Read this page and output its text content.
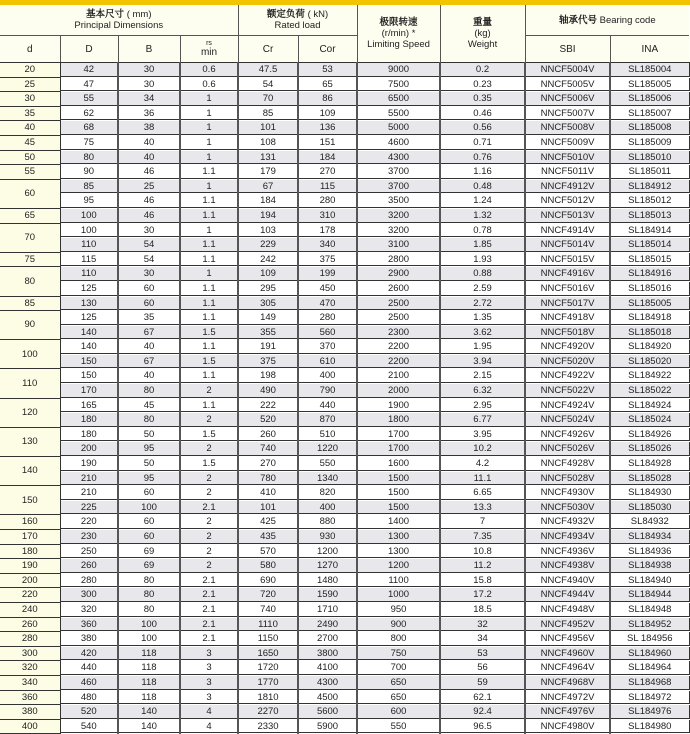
基本尺寸 ( mm)
Principal Dimensions				额定负荷 ( kN)
Rated load		极限转速
(r/min) *
Limiting Speed	重量
(kg)
Weight	轴承代号 Bearing code	
d	D	B	rs
min	Cr	Cor			SBI	INA
20	42	30	0.6	47.5	53	9000	0.2	NNCF5004V	SL185004
25	47	30	0.6	54	65	7500	0.23	NNCF5005V	SL185005
30	55	34	1	70	86	6500	0.35	NNCF5006V	SL185006
35	62	36	1	85	109	5500	0.46	NNCF5007V	SL185007
40	68	38	1	101	136	5000	0.56	NNCF5008V	SL185008
45	75	40	1	108	151	4600	0.71	NNCF5009V	SL185009
50	80	40	1	131	184	4300	0.76	NNCF5010V	SL185010
55	90	46	1.1	179	270	3700	1.16	NNCF5011V	SL185011
60	85	25	1	67	115	3700	0.48	NNCF4912V	SL184912
	95	46	1.1	184	280	3500	1.24	NNCF5012V	SL185012
65	100	46	1.1	194	310	3200	1.32	NNCF5013V	SL185013
70	100	30	1	103	178	3200	0.78	NNCF4914V	SL184914
	110	54	1.1	229	340	3100	1.85	NNCF5014V	SL185014
75	115	54	1.1	242	375	2800	1.93	NNCF5015V	SL185015
80	110	30	1	109	199	2900	0.88	NNCF4916V	SL184916
	125	60	1.1	295	450	2600	2.59	NNCF5016V	SL185016
85	130	60	1.1	305	470	2500	2.72	NNCF5017V	SL185005
90	125	35	1.1	149	280	2500	1.35	NNCF4918V	SL184918
	140	67	1.5	355	560	2300	3.62	NNCF5018V	SL185018
100	140	40	1.1	191	370	2200	1.95	NNCF4920V	SL184920
	150	67	1.5	375	610	2200	3.94	NNCF5020V	SL185020
110	150	40	1.1	198	400	2100	2.15	NNCF4922V	SL184922
	170	80	2	490	790	2000	6.32	NNCF5022V	SL185022
120	165	45	1.1	222	440	1900	2.95	NNCF4924V	SL184924
	180	80	2	520	870	1800	6.77	NNCF5024V	SL185024
130	180	50	1.5	260	510	1700	3.95	NNCF4926V	SL184926
	200	95	2	740	1220	1700	10.2	NNCF5026V	SL185026
140	190	50	1.5	270	550	1600	4.2	NNCF4928V	SL184928
	210	95	2	780	1340	1500	11.1	NNCF5028V	SL185028
150	210	60	2	410	820	1500	6.65	NNCF4930V	SL184930
	225	100	2.1	101	400	1500	13.3	NNCF5030V	SL185030
160	220	60	2	425	880	1400	7	NNCF4932V	SL84932
170	230	60	2	435	930	1300	7.35	NNCF4934V	SL184934
180	250	69	2	570	1200	1300	10.8	NNCF4936V	SL184936
190	260	69	2	580	1270	1200	11.2	NNCF4938V	SL184938
200	280	80	2.1	690	1480	1100	15.8	NNCF4940V	SL184940
220	300	80	2.1	720	1590	1000	17.2	NNCF4944V	SL184944
240	320	80	2.1	740	1710	950	18.5	NNCF4948V	SL184948
260	360	100	2.1	1110	2490	900	32	NNCF4952V	SL184952
280	380	100	2.1	1150	2700	800	34	NNCF4956V	SL 184956
300	420	118	3	1650	3800	750	53	NNCF4960V	SL184960
320	440	118	3	1720	4100	700	56	NNCF4964V	SL184964
340	460	118	3	1770	4300	650	59	NNCF4968V	SL184968
360	480	118	3	1810	4500	650	62.1	NNCF4972V	SL184972
380	520	140	4	2270	5600	600	92.4	NNCF4976V	SL184976
400	540	140	4	2330	5900	550	96.5	NNCF4980V	SL184980
